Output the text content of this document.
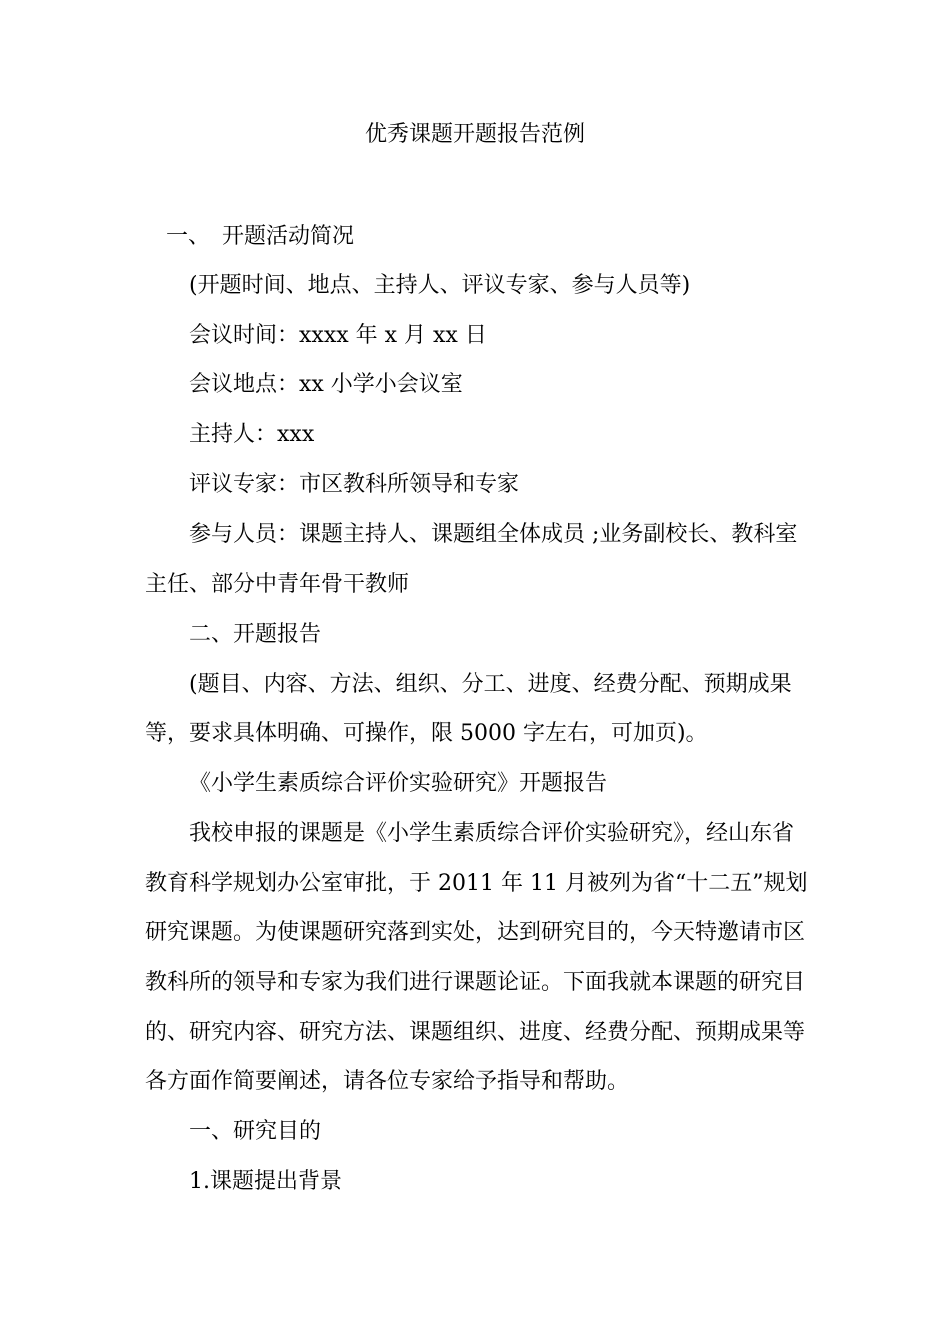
优秀课题开题报告范例
一、 开题活动简况
(开题时间、地点、主持人、评议专家、参与人员等)
会议时间：xxxx 年 x 月 xx 日
会议地点：xx 小学小会议室
主持人：xxx
评议专家：市区教科所领导和专家
参与人员：课题主持人、课题组全体成员 ;业务副校长、教科室
主任、部分中青年骨干教师
二、开题报告
(题目、内容、方法、组织、分工、进度、经费分配、预期成果
等，要求具体明确、可操作，限 5000 字左右，可加页)。
《小学生素质综合评价实验研究》开题报告
我校申报的课题是《小学生素质综合评价实验研究》，经山东省
教育科学规划办公室审批，于 2011 年 11 月被列为省“十二五”规划
研究课题。为使课题研究落到实处，达到研究目的，今天特邀请市区
教科所的领导和专家为我们进行课题论证。下面我就本课题的研究目
的、研究内容、研究方法、课题组织、进度、经费分配、预期成果等
各方面作简要阐述，请各位专家给予指导和帮助。
一、研究目的
1.课题提出背景
